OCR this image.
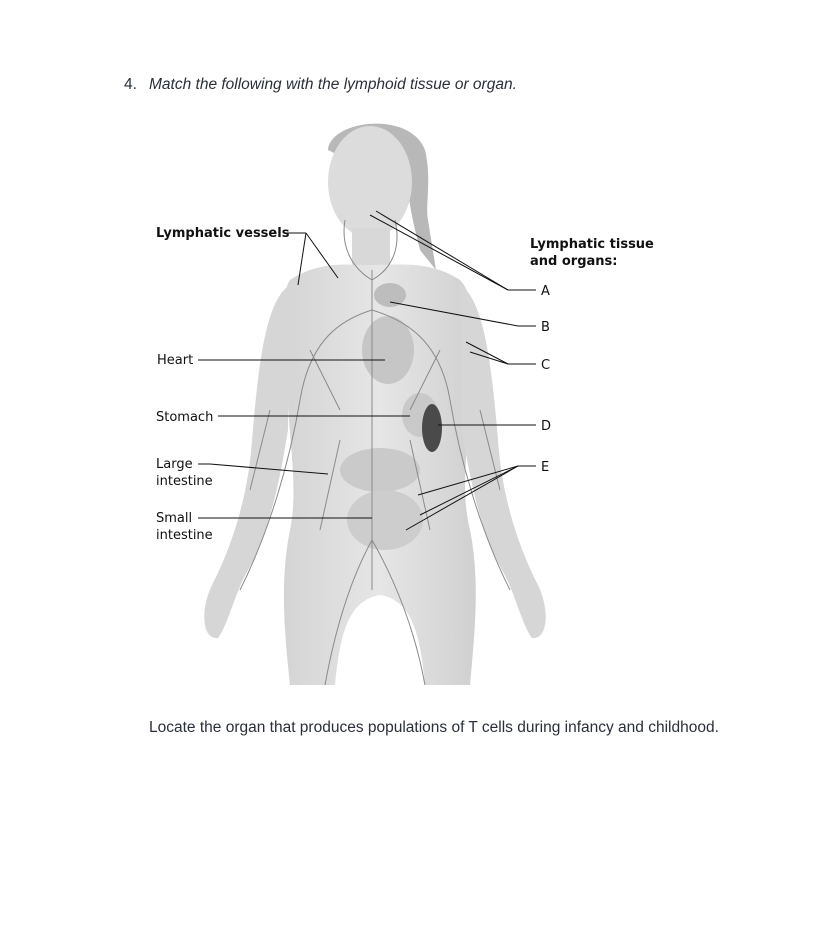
4. Match the following with the lymphoid tissue or organ.
Lymphatic vessels
Heart
Stomach
Large
intestine
Small
intestine
Lymphatic tissue
and organs:
A
B
C
D
E
Locate the organ that produces populations of T cells during infancy and childhood.
